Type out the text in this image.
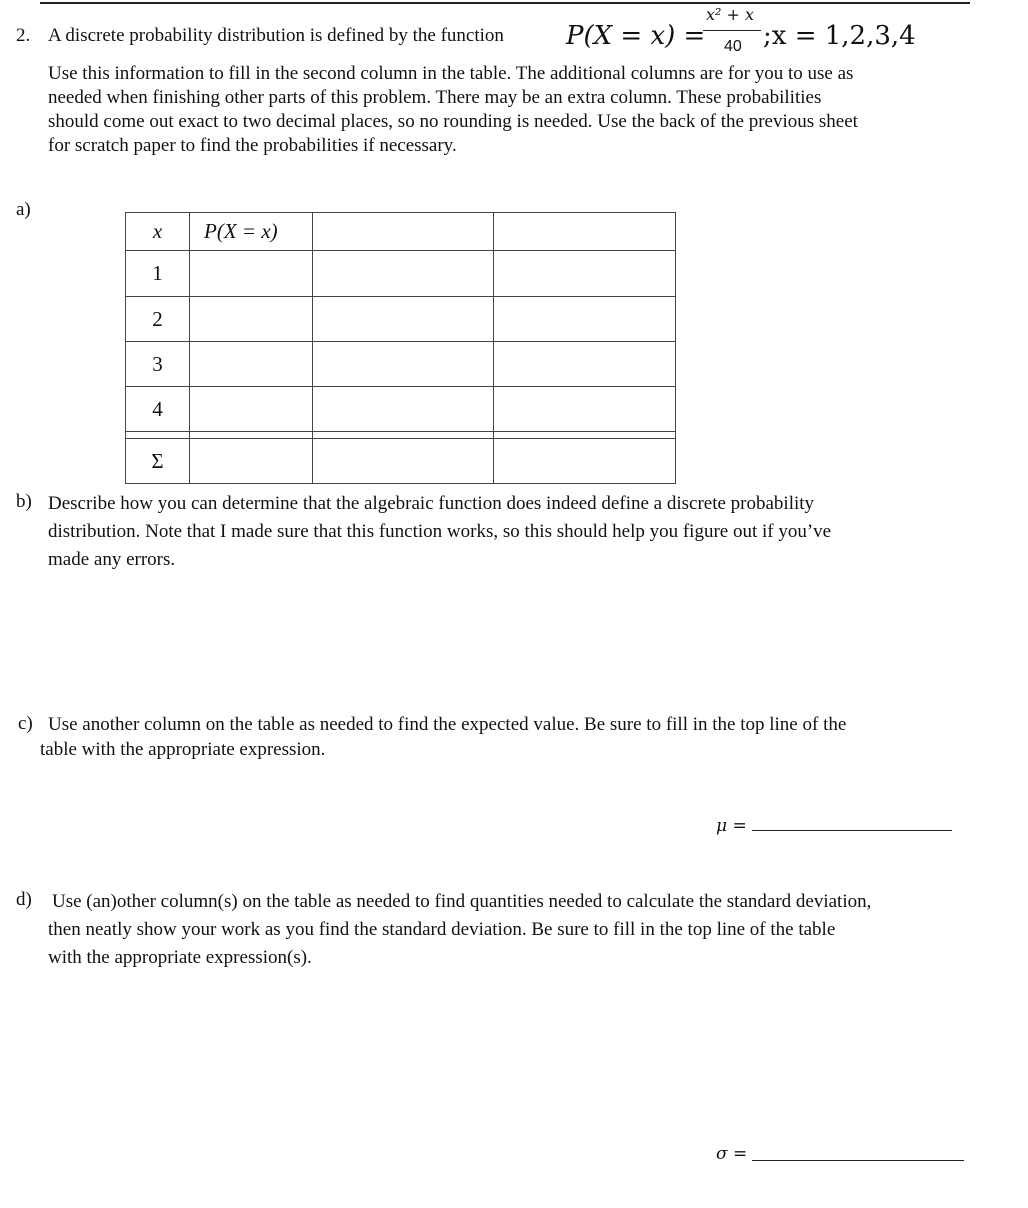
2. A discrete probability distribution is defined by the function P(X = x) =
x² + x
40 ;x = 1,2,3,4
Use this information to fill in the second column in the table. The additional columns are for you to use as
needed when finishing other parts of this problem. There may be an extra column. These probabilities
should come out exact to two decimal places, so no rounding is needed. Use the back of the previous sheet
for scratch paper to find the probabilities if necessary.
a)
x	P(X = x)		
1			
2			
3			
4			

Σ			
b) Describe how you can determine that the algebraic function does indeed define a discrete probability
distribution. Note that I made sure that this function works, so this should help you figure out if you’ve
made any errors.
c) Use another column on the table as needed to find the expected value. Be sure to fill in the top line of the
table with the appropriate expression.
μ =
d) Use (an)other column(s) on the table as needed to find quantities needed to calculate the standard deviation,
then neatly show your work as you find the standard deviation. Be sure to fill in the top line of the table
with the appropriate expression(s).
σ =
